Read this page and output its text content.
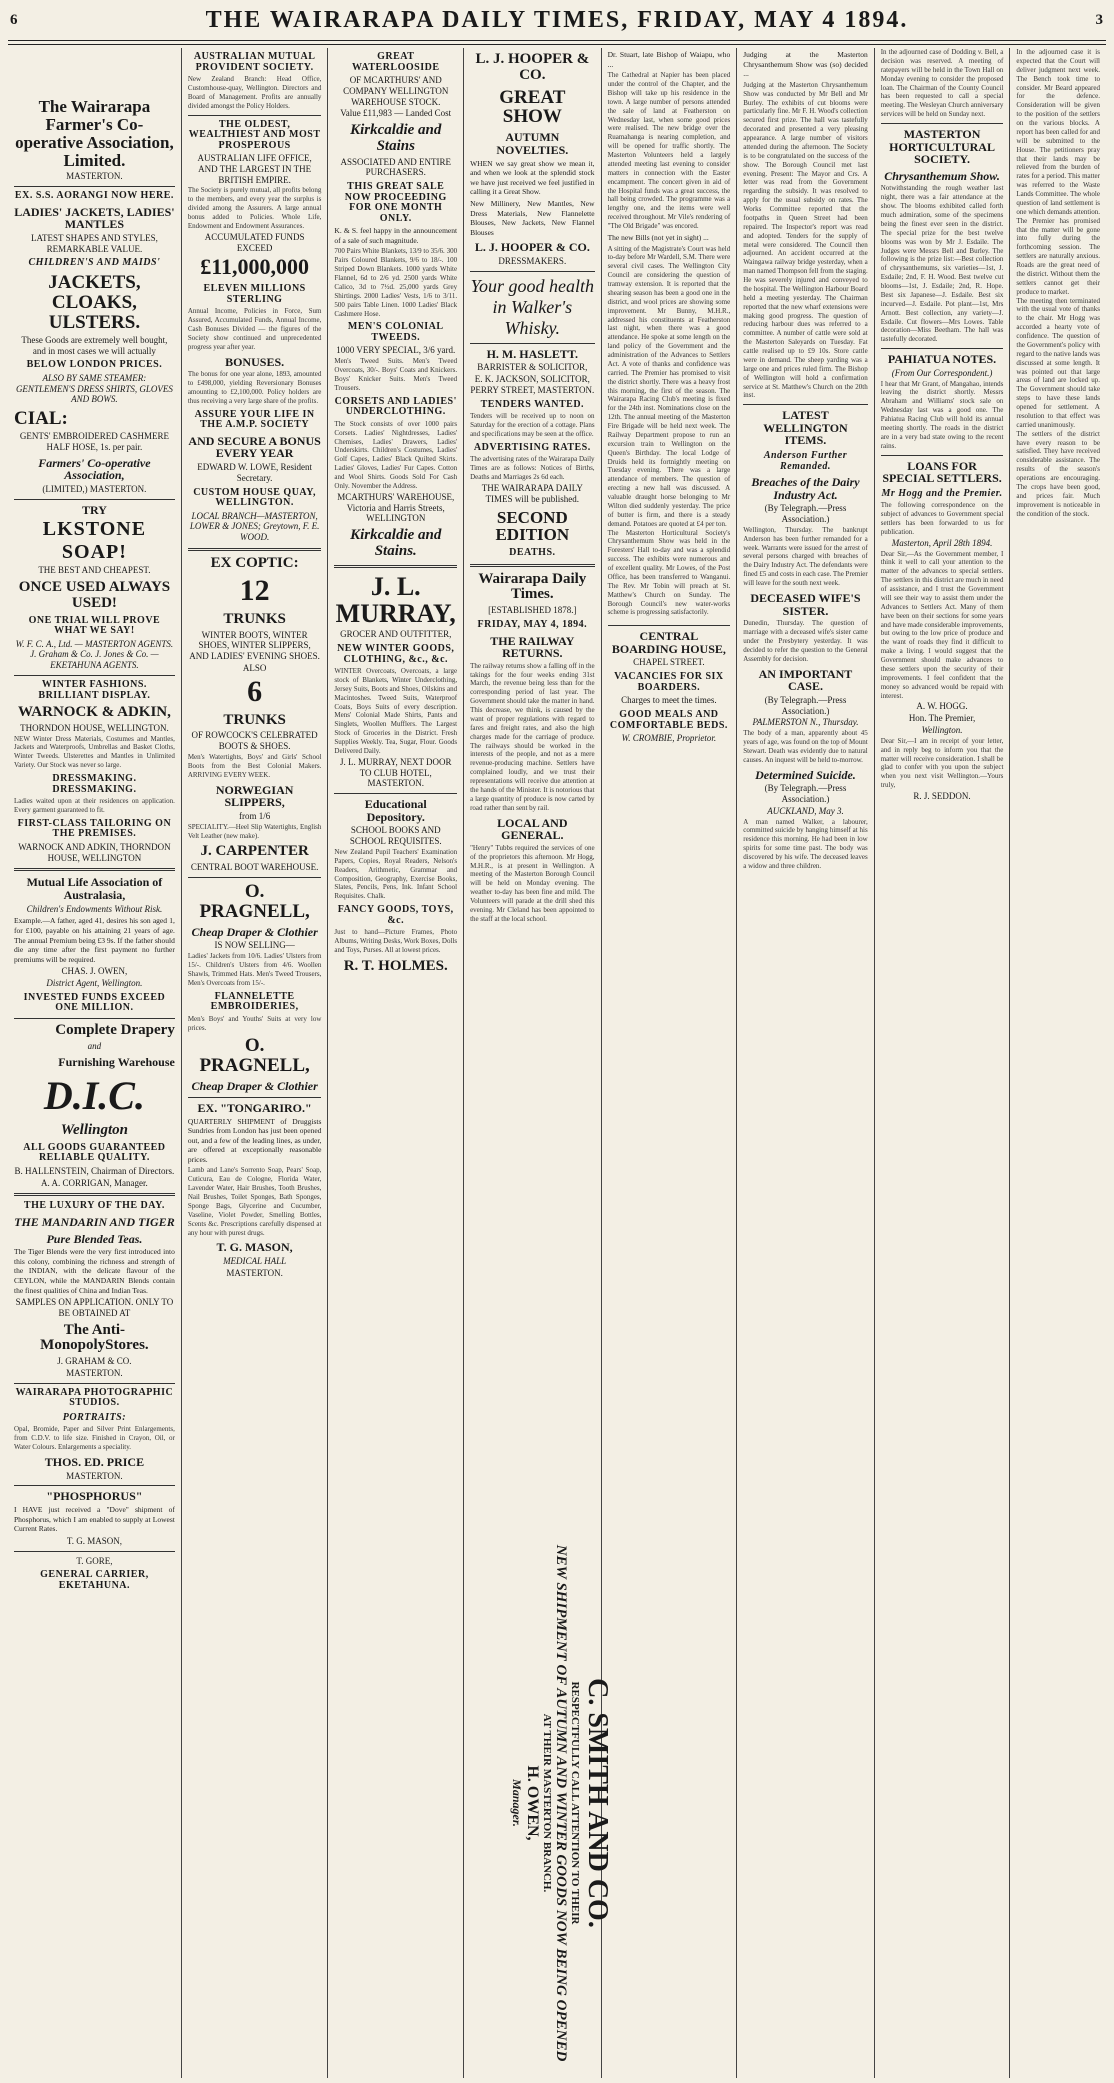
6	THE WAIRARAPA DAILY TIMES, FRIDAY, MAY 4 1894.	3
The Wairarapa Farmer's Co-operative Association, Limited.
MASTERTON.
EX. S.S. AORANGI NOW HERE.
LADIES' JACKETS, LADIES' MANTLES
LATEST SHAPES AND STYLES, REMARKABLE VALUE.
CHILDREN'S AND MAIDS'
JACKETS, CLOAKS, ULSTERS.
These Goods are extremely well bought, and in most cases we will actually
BELOW LONDON PRICES.
ALSO BY SAME STEAMER: GENTLEMEN'S DRESS SHIRTS, GLOVES AND BOWS.
CIAL:
GENTS' EMBROIDERED CASHMERE HALF HOSE, 1s. per pair.
Farmers' Co-operative Association,
(LIMITED,) MASTERTON.
TRY
LKSTONE SOAP!
THE BEST AND CHEAPEST.
ONCE USED ALWAYS USED!
ONE TRIAL WILL PROVE WHAT WE SAY!
W. F. C. A., Ltd. — MASTERTON AGENTS. J. Graham & Co. J. Jones & Co. — EKETAHUNA AGENTS.
WINTER FASHIONS. BRILLIANT DISPLAY.
WARNOCK & ADKIN,
THORNDON HOUSE, WELLINGTON.
NEW Winter Dress Materials, Costumes and Mantles, Jackets and Waterproofs, Umbrellas and Basket Cloths, Winter Tweeds. Ulsterettes and Mantles in Unlimited Variety. Our Stock was never so large.
DRESSMAKING. DRESSMAKING.
Ladies waited upon at their residences on application. Every garment guaranteed to fit.
FIRST-CLASS TAILORING ON THE PREMISES.
WARNOCK AND ADKIN, THORNDON HOUSE, WELLINGTON
Mutual Life Association of Australasia,
Children's Endowments Without Risk.
Example.—A father, aged 41, desires his son aged 1, for £100, payable on his attaining 21 years of age. The annual Premium being £3 9s. If the father should die any time after the first payment no further premiums will be required.
CHAS. J. OWEN,
District Agent, Wellington.
INVESTED FUNDS EXCEED ONE MILLION.
Complete Drapery
and
Furnishing Warehouse
D.I.C.
Wellington
ALL GOODS GUARANTEED RELIABLE QUALITY.
B. HALLENSTEIN, Chairman of Directors.
A. A. CORRIGAN, Manager.
THE LUXURY OF THE DAY.
THE MANDARIN AND TIGER
Pure Blended Teas.
The Tiger Blends were the very first introduced into this colony, combining the richness and strength of the INDIAN, with the delicate flavour of the CEYLON, while the MANDARIN Blends contain the finest qualities of China and Indian Teas.
SAMPLES ON APPLICATION. ONLY TO BE OBTAINED AT
The Anti-MonopolyStores.
J. GRAHAM & CO.
MASTERTON.
WAIRARAPA PHOTOGRAPHIC STUDIOS.
PORTRAITS:
Opal, Bromide, Paper and Silver Print Enlargements, from C.D.V. to life size. Finished in Crayon, Oil, or Water Colours. Enlargements a speciality.
THOS. ED. PRICE
MASTERTON.
"PHOSPHORUS"
I HAVE just received a "Dove" shipment of Phosphorus, which I am enabled to supply at Lowest Current Rates.
T. G. MASON,
T. GORE,
GENERAL CARRIER, EKETAHUNA.
AUSTRALIAN MUTUAL PROVIDENT SOCIETY.
New Zealand Branch: Head Office, Customhouse-quay, Wellington. Directors and Board of Management. Profits are annually divided amongst the Policy Holders.
THE OLDEST, WEALTHIEST AND MOST PROSPEROUS
AUSTRALIAN LIFE OFFICE, AND THE LARGEST IN THE BRITISH EMPIRE.
The Society is purely mutual, all profits belong to the members, and every year the surplus is divided among the Assurers. A large annual bonus added to Policies. Whole Life, Endowment and Endowment Assurances.
ACCUMULATED FUNDS EXCEED
£11,000,000
ELEVEN MILLIONS STERLING
Annual Income, Policies in Force, Sum Assured, Accumulated Funds, Annual Income, Cash Bonuses Divided — the figures of the Society show continued and unprecedented progress year after year.
BONUSES.
The bonus for one year alone, 1893, amounted to £498,000, yielding Reversionary Bonuses amounting to £2,100,000. Policy holders are thus receiving a very large share of the profits.
ASSURE YOUR LIFE IN THE A.M.P. SOCIETY
AND SECURE A BONUS EVERY YEAR
EDWARD W. LOWE, Resident Secretary.
CUSTOM HOUSE QUAY, WELLINGTON.
LOCAL BRANCH—MASTERTON, LOWER & JONES; Greytown, F. E. WOOD.
EX COPTIC:
12
TRUNKS
WINTER BOOTS, WINTER SHOES, WINTER SLIPPERS, AND LADIES' EVENING SHOES.
ALSO
6
TRUNKS
OF ROWCOCK'S CELEBRATED BOOTS & SHOES.
Men's Watertights, Boys' and Girls' School Boots from the Best Colonial Makers. ARRIVING EVERY WEEK.
NORWEGIAN SLIPPERS,
from 1/6
SPECIALITY.—Heel Slip Watertights, English Velt Leather (new make).
J. CARPENTER
CENTRAL BOOT WAREHOUSE.
O. PRAGNELL,
Cheap Draper & Clothier
IS NOW SELLING—
Ladies' Jackets from 10/6. Ladies' Ulsters from 15/-. Children's Ulsters from 4/6. Woollen Shawls, Trimmed Hats. Men's Tweed Trousers, Men's Overcoats from 15/-.
FLANNELETTE EMBROIDERIES,
Men's Boys' and Youths' Suits at very low prices.
O. PRAGNELL,
Cheap Draper & Clothier
EX. "TONGARIRO."
QUARTERLY SHIPMENT of Druggists Sundries from London has just been opened out, and a few of the leading lines, as under, are offered at exceptionally reasonable prices.
Lamb and Lane's Sorrento Soap, Pears' Soap, Cuticura, Eau de Cologne, Florida Water, Lavender Water, Hair Brushes, Tooth Brushes, Nail Brushes, Toilet Sponges, Bath Sponges, Sponge Bags, Glycerine and Cucumber, Vaseline, Violet Powder, Smelling Bottles, Scents &c. Prescriptions carefully dispensed at any hour with purest drugs.
T. G. MASON,
MEDICAL HALL
MASTERTON.
GREAT WATERLOOSIDE
OF MCARTHURS' AND COMPANY WELLINGTON WAREHOUSE STOCK.
Value £11,983 — Landed Cost
Kirkcaldie and Stains
ASSOCIATED AND ENTIRE PURCHASERS.
THIS GREAT SALE NOW PROCEEDING FOR ONE MONTH ONLY.
K. & S. feel happy in the announcement of a sale of such magnitude.
700 Pairs White Blankets, 13/9 to 35/6. 300 Pairs Coloured Blankets, 9/6 to 18/-. 100 Striped Down Blankets. 1000 yards White Flannel, 6d to 2/6 yd. 2500 yards White Calico, 3d to 7½d. 25,000 yards Grey Shirtings. 2000 Ladies' Vests, 1/6 to 3/11. 500 pairs Table Linen. 1000 Ladies' Black Cashmere Hose.
MEN'S COLONIAL TWEEDS.
1000 VERY SPECIAL, 3/6 yard.
Men's Tweed Suits. Men's Tweed Overcoats, 30/-. Boys' Coats and Knickers. Boys' Knicker Suits. Men's Tweed Trousers.
CORSETS AND LADIES' UNDERCLOTHING.
The Stock consists of over 1000 pairs Corsets. Ladies' Nightdresses, Ladies' Chemises, Ladies' Drawers, Ladies' Underskirts. Children's Costumes, Ladies' Golf Capes, Ladies' Black Quilted Skirts. Ladies' Gloves, Ladies' Fur Capes. Cotton and Wool Shirts. Goods Sold For Cash Only. November the Address.
MCARTHURS' WAREHOUSE, Victoria and Harris Streets, WELLINGTON
Kirkcaldie and Stains.
J. L. MURRAY,
GROCER AND OUTFITTER,
NEW WINTER GOODS, CLOTHING, &c., &c.
WINTER Overcoats, Overcoats, a large stock of Blankets, Winter Underclothing, Jersey Suits, Boots and Shoes, Oilskins and Macintoshes. Tweed Suits, Waterproof Coats, Boys Suits of every description. Mens' Colonial Made Shirts, Pants and Singlets, Woollen Mufflers. The Largest Stock of Groceries in the District. Fresh Supplies Weekly. Tea, Sugar, Flour. Goods Delivered Daily.
J. L. MURRAY, NEXT DOOR TO CLUB HOTEL, MASTERTON.
Educational Depository.
SCHOOL BOOKS AND SCHOOL REQUISITES.
New Zealand Pupil Teachers' Examination Papers, Copies, Royal Readers, Nelson's Readers, Arithmetic, Grammar and Composition, Geography, Exercise Books, Slates, Pencils, Pens, Ink. Infant School Requisites. Chalk.
FANCY GOODS, TOYS, &c.
Just to hand—Picture Frames, Photo Albums, Writing Desks, Work Boxes, Dolls and Toys, Purses. All at lowest prices.
R. T. HOLMES.
L. J. HOOPER & CO.
GREAT SHOW
AUTUMN NOVELTIES.
WHEN we say great show we mean it, and when we look at the splendid stock we have just received we feel justified in calling it a Great Show.
New Millinery, New Mantles, New Dress Materials, New Flannelette Blouses, New Jackets, New Flannel Blouses
L. J. HOOPER & CO.
DRESSMAKERS.
Your good health in Walker's Whisky.
H. M. HASLETT.
BARRISTER & SOLICITOR,
E. K. JACKSON, SOLICITOR, PERRY STREET, MASTERTON.
TENDERS WANTED.
Tenders will be received up to noon on Saturday for the erection of a cottage. Plans and specifications may be seen at the office.
ADVERTISING RATES.
The advertising rates of the Wairarapa Daily Times are as follows: Notices of Births, Deaths and Marriages 2s 6d each.
THE WAIRARAPA DAILY TIMES will be published.
SECOND EDITION
DEATHS.
Wairarapa Daily Times.
[ESTABLISHED 1878.]
FRIDAY, MAY 4, 1894.
THE RAILWAY RETURNS.
The railway returns show a falling off in the takings for the four weeks ending 31st March, the revenue being less than for the corresponding period of last year. The Government should take the matter in hand. This decrease, we think, is caused by the want of proper regulations with regard to fares and freight rates, and also the high charges made for the carriage of produce. The railways should be worked in the interests of the people, and not as a mere revenue-producing machine. Settlers have complained loudly, and we trust their representations will receive due attention at the hands of the Minister. It is notorious that a large quantity of produce is now carted by road rather than sent by rail.
LOCAL AND GENERAL.
"Henry" Tubbs required the services of one of the proprietors this afternoon. Mr Hogg, M.H.R., is at present in Wellington. A meeting of the Masterton Borough Council will be held on Monday evening. The weather to-day has been fine and mild. The Volunteers will parade at the drill shed this evening. Mr Cleland has been appointed to the staff at the local school.
C. SMITH AND CO.
RESPECTFULLY CALL ATTENTION TO THEIR
NEW SHIPMENT OF AUTUMN AND WINTER GOODS NOW BEING OPENED
AT THEIR MASTERTON BRANCH.
H. OWEN,
Manager.
Dr. Stuart, late Bishop of Waiapu, who ...
The Cathedral at Napier has been placed under the control of the Chapter, and the Bishop will take up his residence in the town. A large number of persons attended the sale of land at Featherston on Wednesday last, when some good prices were realised. The new bridge over the Ruamahanga is nearing completion, and will be opened for traffic shortly. The Masterton Volunteers held a largely attended meeting last evening to consider matters in connection with the Easter encampment. The concert given in aid of the Hospital funds was a great success, the hall being crowded. The programme was a lengthy one, and the items were well received throughout. Mr Vile's rendering of "The Old Brigade" was encored.
The new Bills (not yet in sight) ...
A sitting of the Magistrate's Court was held to-day before Mr Wardell, S.M. There were several civil cases. The Wellington City Council are considering the question of tramway extension. It is reported that the shearing season has been a good one in the district, and wool prices are showing some improvement. Mr Bunny, M.H.R., addressed his constituents at Featherston last night, when there was a good attendance. He spoke at some length on the land policy of the Government and the administration of the Advances to Settlers Act. A vote of thanks and confidence was carried. The Premier has promised to visit the district shortly. There was a heavy frost this morning, the first of the season. The Wairarapa Racing Club's meeting is fixed for the 24th inst. Nominations close on the 12th. The annual meeting of the Masterton Fire Brigade will be held next week. The Railway Department propose to run an excursion train to Wellington on the Queen's Birthday. The local Lodge of Druids held its fortnightly meeting on Tuesday evening. There was a large attendance of members. The question of erecting a new hall was discussed. A valuable draught horse belonging to Mr Wilton died suddenly yesterday. The price of butter is firm, and there is a steady demand. Potatoes are quoted at £4 per ton.
The Masterton Horticultural Society's Chrysanthemum Show was held in the Foresters' Hall to-day and was a splendid success. The exhibits were numerous and of excellent quality. Mr Lowes, of the Post Office, has been transferred to Wanganui. The Rev. Mr Tobin will preach at St. Matthew's Church on Sunday. The Borough Council's new water-works scheme is progressing satisfactorily.
CENTRAL BOARDING HOUSE,
CHAPEL STREET.
VACANCIES FOR SIX BOARDERS.
Charges to meet the times.
GOOD MEALS AND COMFORTABLE BEDS.
W. CROMBIE, Proprietor.
Judging at the Masterton Chrysanthemum Show was (so) decided ...
Judging at the Masterton Chrysanthemum Show was conducted by Mr Bell and Mr Burley. The exhibits of cut blooms were particularly fine. Mr F. H. Wood's collection secured first prize. The hall was tastefully decorated and presented a very pleasing appearance. A large number of visitors attended during the afternoon. The Society is to be congratulated on the success of the show. The Borough Council met last evening. Present: The Mayor and Crs. A letter was read from the Government regarding the subsidy. It was resolved to apply for the usual subsidy on rates. The Works Committee reported that the footpaths in Queen Street had been repaired. The Inspector's report was read and adopted. Tenders for the supply of metal were considered. The Council then adjourned. An accident occurred at the Waingawa railway bridge yesterday, when a man named Thompson fell from the staging. He was severely injured and conveyed to the hospital. The Wellington Harbour Board held a meeting yesterday. The Chairman reported that the new wharf extensions were making good progress. The question of reducing harbour dues was referred to a committee. A number of cattle were sold at the Masterton Saleyards on Tuesday. Fat cattle realised up to £9 10s. Store cattle were in demand. The sheep yarding was a large one and prices ruled firm. The Bishop of Wellington will hold a confirmation service at St. Matthew's Church on the 20th inst.
LATEST WELLINGTON ITEMS.
Anderson Further Remanded.
Breaches of the Dairy Industry Act.
(By Telegraph.—Press Association.)
Wellington, Thursday. The bankrupt Anderson has been further remanded for a week. Warrants were issued for the arrest of several persons charged with breaches of the Dairy Industry Act. The defendants were fined £5 and costs in each case. The Premier will leave for the south next week.
DECEASED WIFE'S SISTER.
Dunedin, Thursday. The question of marriage with a deceased wife's sister came under the Presbytery yesterday. It was decided to refer the question to the General Assembly for decision.
AN IMPORTANT CASE.
(By Telegraph.—Press Association.)
PALMERSTON N., Thursday.
The body of a man, apparently about 45 years of age, was found on the top of Mount Stewart. Death was evidently due to natural causes. An inquest will be held to-morrow.
Determined Suicide.
(By Telegraph.—Press Association.)
AUCKLAND, May 3.
A man named Walker, a labourer, committed suicide by hanging himself at his residence this morning. He had been in low spirits for some time past. The body was discovered by his wife. The deceased leaves a widow and three children.
In the adjourned case of Dodding v. Bell, a decision was reserved. A meeting of ratepayers will be held in the Town Hall on Monday evening to consider the proposed loan. The Chairman of the County Council has been requested to call a special meeting. The Wesleyan Church anniversary services will be held on Sunday next.
MASTERTON HORTICULTURAL SOCIETY.
Chrysanthemum Show.
Notwithstanding the rough weather last night, there was a fair attendance at the show. The blooms exhibited called forth much admiration, some of the specimens being the finest ever seen in the district. The special prize for the best twelve blooms was won by Mr J. Esdaile. The Judges were Messrs Bell and Burley. The following is the prize list:—Best collection of chrysanthemums, six varieties—1st, J. Esdaile; 2nd, F. H. Wood. Best twelve cut blooms—1st, J. Esdaile; 2nd, R. Hope. Best six Japanese—J. Esdaile. Best six incurved—J. Esdaile. Pot plant—1st, Mrs Arnott. Best collection, any variety—J. Esdaile. Cut flowers—Mrs Lowes. Table decoration—Miss Beetham. The hall was tastefully decorated.
PAHIATUA NOTES.
(From Our Correspondent.)
I hear that Mr Grant, of Mangahao, intends leaving the district shortly. Messrs Abraham and Williams' stock sale on Wednesday last was a good one. The Pahiatua Racing Club will hold its annual meeting shortly. The roads in the district are in a very bad state owing to the recent rains.
LOANS FOR SPECIAL SETTLERS.
Mr Hogg and the Premier.
The following correspondence on the subject of advances to Government special settlers has been forwarded to us for publication.
Masterton, April 28th 1894.
Dear Sir,—As the Government member, I think it well to call your attention to the matter of the advances to special settlers. The settlers in this district are much in need of assistance, and I trust the Government will see their way to assist them under the Advances to Settlers Act. Many of them have been on their sections for some years and have made considerable improvements, but owing to the low price of produce and the want of roads they find it difficult to make a living. I would suggest that the Government should make advances to these settlers upon the security of their improvements. I feel confident that the money so advanced would be repaid with interest.
A. W. HOGG.
Hon. The Premier,
Wellington.
Dear Sir,—I am in receipt of your letter, and in reply beg to inform you that the matter will receive consideration. I shall be glad to confer with you upon the subject when you next visit Wellington.—Yours truly,
R. J. SEDDON.
In the adjourned case it is expected that the Court will deliver judgment next week. The Bench took time to consider. Mr Beard appeared for the defence. Consideration will be given to the position of the settlers on the various blocks. A report has been called for and will be submitted to the House. The petitioners pray that their lands may be relieved from the burden of rates for a period. This matter was referred to the Waste Lands Committee. The whole question of land settlement is one which demands attention. The Premier has promised that the matter will be gone into fully during the forthcoming session. The settlers are naturally anxious. Roads are the great need of the district. Without them the settlers cannot get their produce to market.
The meeting then terminated with the usual vote of thanks to the chair. Mr Hogg was accorded a hearty vote of confidence. The question of the Government's policy with regard to the native lands was discussed at some length. It was pointed out that large areas of land are locked up. The Government should take steps to have these lands opened for settlement. A resolution to that effect was carried unanimously.
The settlers of the district have every reason to be satisfied. They have received considerable assistance. The results of the season's operations are encouraging. The crops have been good, and prices fair. Much improvement is noticeable in the condition of the stock.
